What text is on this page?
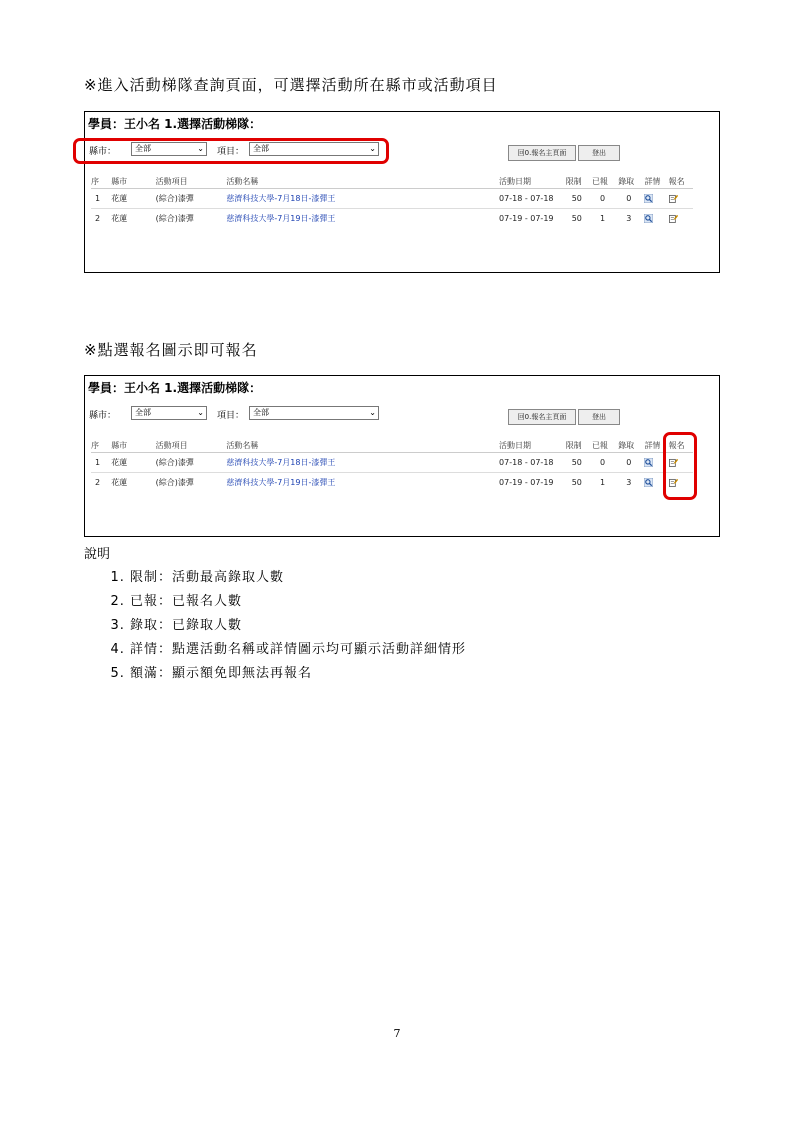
※進入活動梯隊查詢頁面，可選擇活動所在縣市或活動項目
學員：王小名 1.選擇活動梯隊：
縣市：	全部	⌄ 項目：	全部	⌄	回0.報名主頁面	登出
序	縣市	活動項目	活動名稱	活動日期	限制	已報	錄取	詳情	報名
1	花蓮	(綜合)漆彈	慈濟科技大學-7月18日-漆彈王	07-18 - 07-18	50	0	0		
2	花蓮	(綜合)漆彈	慈濟科技大學-7月19日-漆彈王	07-19 - 07-19	50	1	3		
※點選報名圖示即可報名
學員：王小名 1.選擇活動梯隊：
縣市：	全部	⌄ 項目：	全部	⌄	回0.報名主頁面	登出
序	縣市	活動項目	活動名稱	活動日期	限制	已報	錄取	詳情	報名
1	花蓮	(綜合)漆彈	慈濟科技大學-7月18日-漆彈王	07-18 - 07-18	50	0	0		
2	花蓮	(綜合)漆彈	慈濟科技大學-7月19日-漆彈王	07-19 - 07-19	50	1	3		
說明
1. 限制：活動最高錄取人數
2. 已報：已報名人數
3. 錄取：已錄取人數
4. 詳情：點選活動名稱或詳情圖示均可顯示活動詳細情形
5. 額滿：顯示額免即無法再報名
7
